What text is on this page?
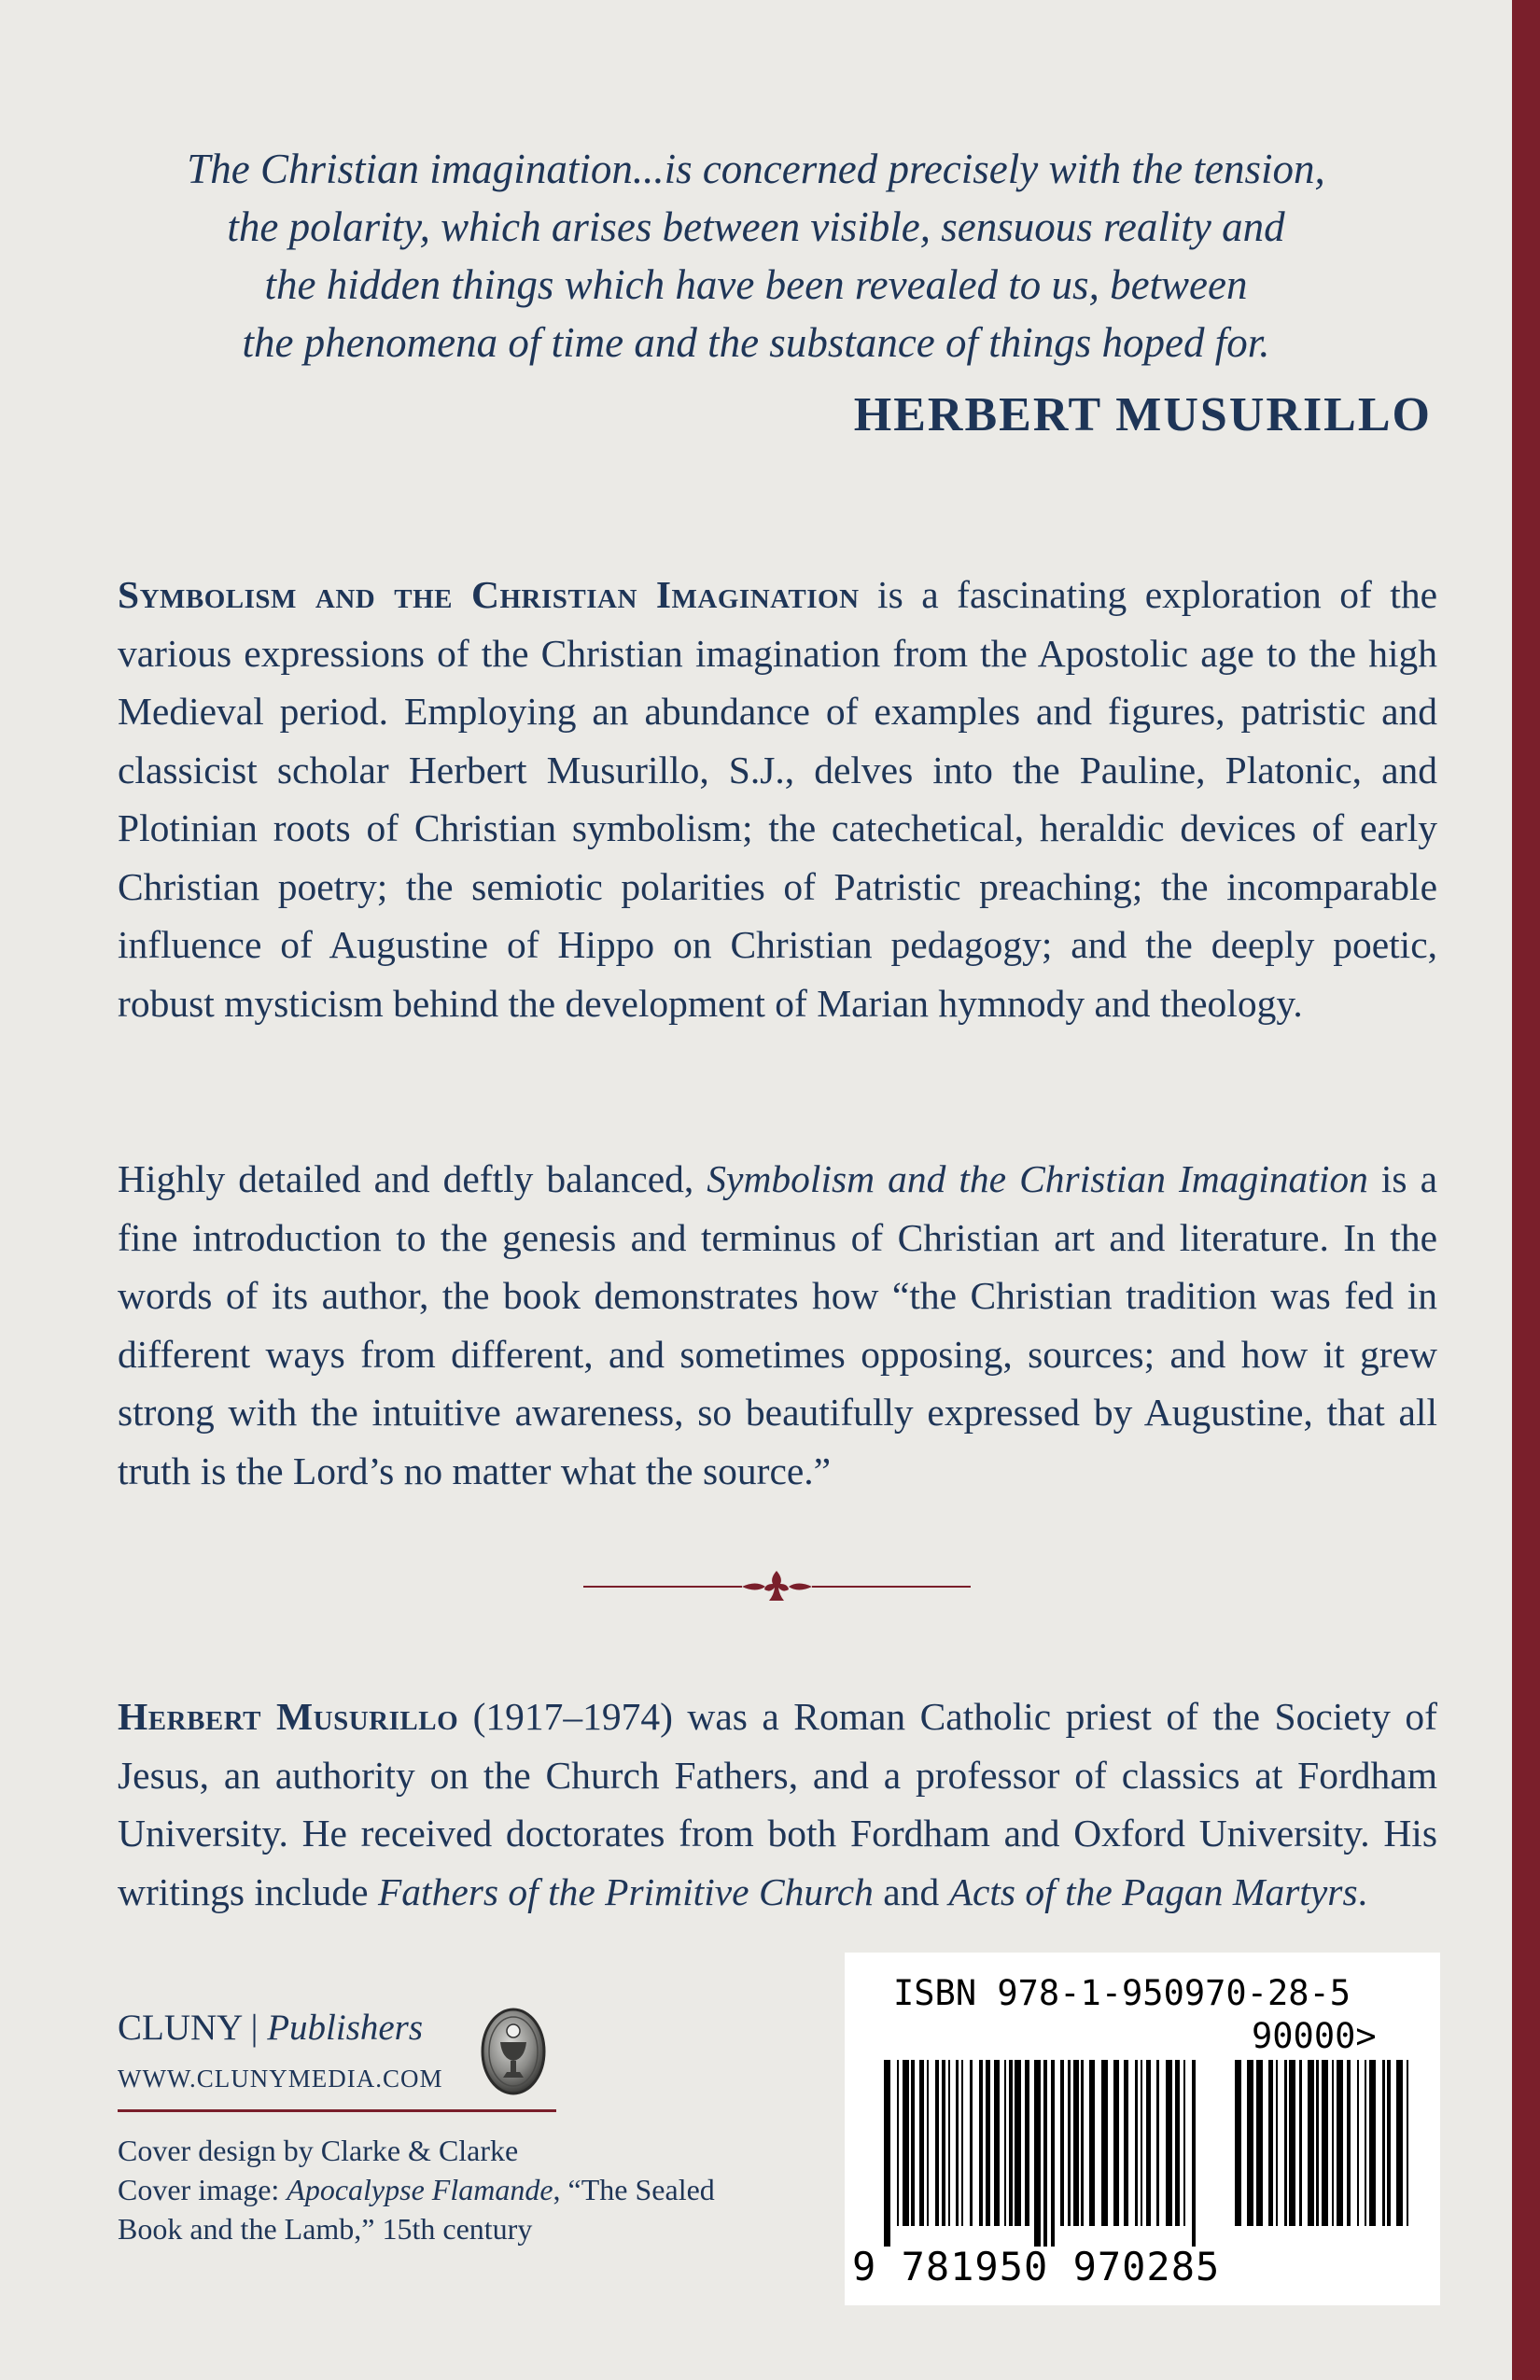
The Christian imagination...is concerned precisely with the tension,
the polarity, which arises between visible, sensuous reality and
the hidden things which have been revealed to us, between
the phenomena of time and the substance of things hoped for.
HERBERT MUSURILLO
Symbolism and the Christian Imagination is a fascinating exploration of the various expressions of the Christian imagination from the Apostolic age to the high Medieval period. Employing an abundance of examples and figures, patristic and classicist scholar Herbert Musurillo, S.J., delves into the Pauline, Platonic, and Plotinian roots of Christian symbolism; the catechetical, heraldic devices of early Christian poetry; the semiotic polarities of Patristic preaching; the incomparable influence of Augustine of Hippo on Christian pedagogy; and the deeply poetic, robust mysticism behind the development of Marian hymnody and theology.
Highly detailed and deftly balanced, Symbolism and the Christian Imagination is a fine introduction to the genesis and terminus of Christian art and literature. In the words of its author, the book demonstrates how “the Christian tradition was fed in different ways from different, and sometimes opposing, sources; and how it grew strong with the intuitive awareness, so beautifully expressed by Augustine, that all truth is the Lord’s no matter what the source.”
Herbert Musurillo (1917–1974) was a Roman Catholic priest of the Society of Jesus, an authority on the Church Fathers, and a professor of classics at Fordham University. He received doctorates from both Fordham and Oxford University. His writings include Fathers of the Primitive Church and Acts of the Pagan Martyrs.
CLUNY | Publishers
WWW.CLUNYMEDIA.COM
Cover design by Clarke & Clarke
Cover image: Apocalypse Flamande, “The Sealed Book and the Lamb,” 15th century
ISBN 978-1-950970-28-5
90000>
9 781950 970285
